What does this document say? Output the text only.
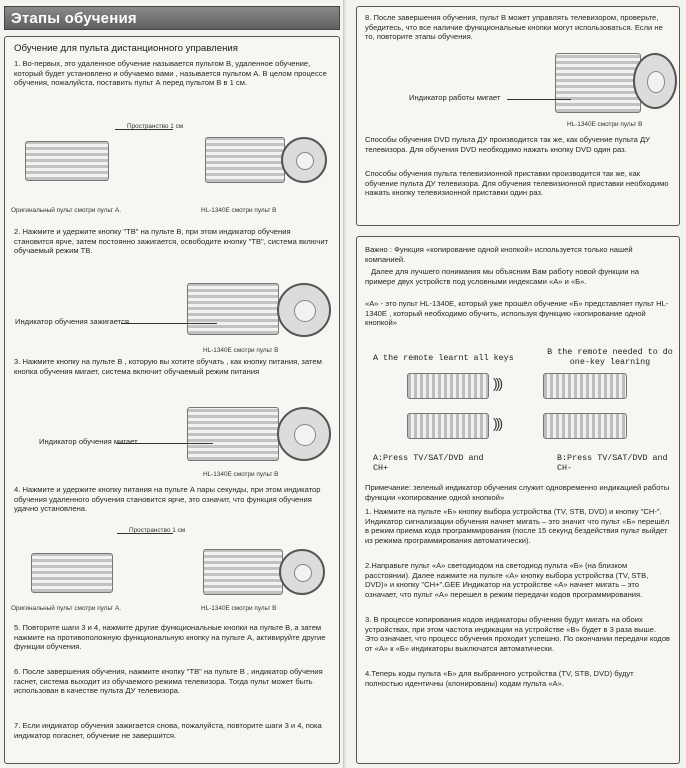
Этапы обучения
Обучение для пульта дистанционного управления
1. Во-первых, это удаленное обучение называется пультом В, удаленное обучение, который будет установлено и обучаемо вами , называется пультом А. В целом процессе обучения, пожалуйста, поставить пульт А перед пультом В в 1 см.
Пространство 1 см
Оригинальный пульт смотри пульт А.	HL-1340E смотри пульт В
2. Нажмите и удержите кнопку "TB" на пульте В, при этом индикатор обучения становится ярче, затем постоянно зажигается, освободите кнопку "TB", система включит обучаемый режим ТВ.
Индикатор обучения зажигается
HL-1340E смотри пульт В
3. Нажмите кнопку на пульте В , которую вы хотите обучать , как кнопку питания, затем кнопка обучения мигает, система включит обучаемый режим питания
Индикатор обучения мигает
HL-1340E смотри пульт В
4. Нажмите и удержите кнопку питания на пульте А пары секунды, при этом индикатор обучения удаленного обучения становится ярче, это означит, что функция обучения удачно установлена.
Пространство 1 см
Оригинальный пульт смотри пульт А.	HL-1340E смотри пульт В
5. Повторите шаги 3 и 4, нажмите другие функциональные кнопки на пульте В, а затем нажмите на противоположную функциональную кнопку на пульте А, активируйте другие функции обучения.
6. После завершения обучения, нажмите кнопку "TB" на пульте В , индикатор обучения гаснет, система выходит из обучаемого режима телевизора. Тогда пульт может быть использован в качестве пульта ДУ телевизора.
7. Если индикатор обучения зажигается снова, пожалуйста, повторите шаги 3 и 4, пока индикатор погаснет, обучение не завершится.
8. После завершения обучения, пульт В может управлять телевизором, проверьте, убедитесь, что все наличие функциональные кнопки могут использоваться. Если не то, повторите этапы обучения.
Индикатор работы мигает
HL-1340E смотри пульт В
Способы обучения DVD пульта ДУ производится так же, как обучение пульта ДУ телевизора. Для обучения DVD необходимо нажать кнопку DVD один раз.
Способы обучения пульта телевизионной приставки производится так же, как обучение пульта ДУ телевизора. Для обучения телевизионной приставки необходимо нажать кнопку телевизионной приставки один раз.
Важно : Функция «копирование одной кнопкой» используется только нашей компанией.
Далее для лучшего понимания мы объясним Вам работу новой функции на примере двух устройств под условными индексами «А» и «Б».
«А» - это пульт HL-1340E, который уже прошёл обучение «Б» представляет пульт HL-1340E , который необходимо обучить, используя функцию «копирование одной кнопкой»
A the remote learnt all keys
B the remote needed to do one-key learning
)))
)))
A:Press TV/SAT/DVD and CH+
B:Press TV/SAT/DVD and CH-
Примечание: зеленый индикатор обучения служит одновременно индикацией работы функции «копирование одной кнопкой»
1. Нажмите на пульте «Б» кнопку выбора устройства (TV, STB, DVD) и кнопку "CH-". Индикатор сигнализации обучения начнет мигать – это значит что пульт «Б» перешёл в режим приема кода программирования (после 15 секунд бездействия пульт выйдет из режима программирования автоматически).
2.Направьте пульт «А» светодиодом на светодиод пульта «Б» (на близком расстоянии). Далее нажмите на пульте «А» кнопку выбора устройства (TV, STB, DVD)» и кнопку "CH+".GEE Индикатор на устройстве «А» начнет мигать – это означает, что пульт «А» перешел в режим передачи кодов программирования.
3. В процессе копирования кодов индикаторы обучения будут мигать на обоих устройствах, при этом частота индикации на устройстве «В» будет в 3 раза выше. Это означает, что процесс обучения проходит успешно. По окончании передачи кодов от «А» к «Б» индикаторы выключатся автоматически.
4.Теперь коды пульта «Б» для выбранного устройства (TV, STB, DVD) будут полностью идентичны (клонированы) кодам пульта «А».
